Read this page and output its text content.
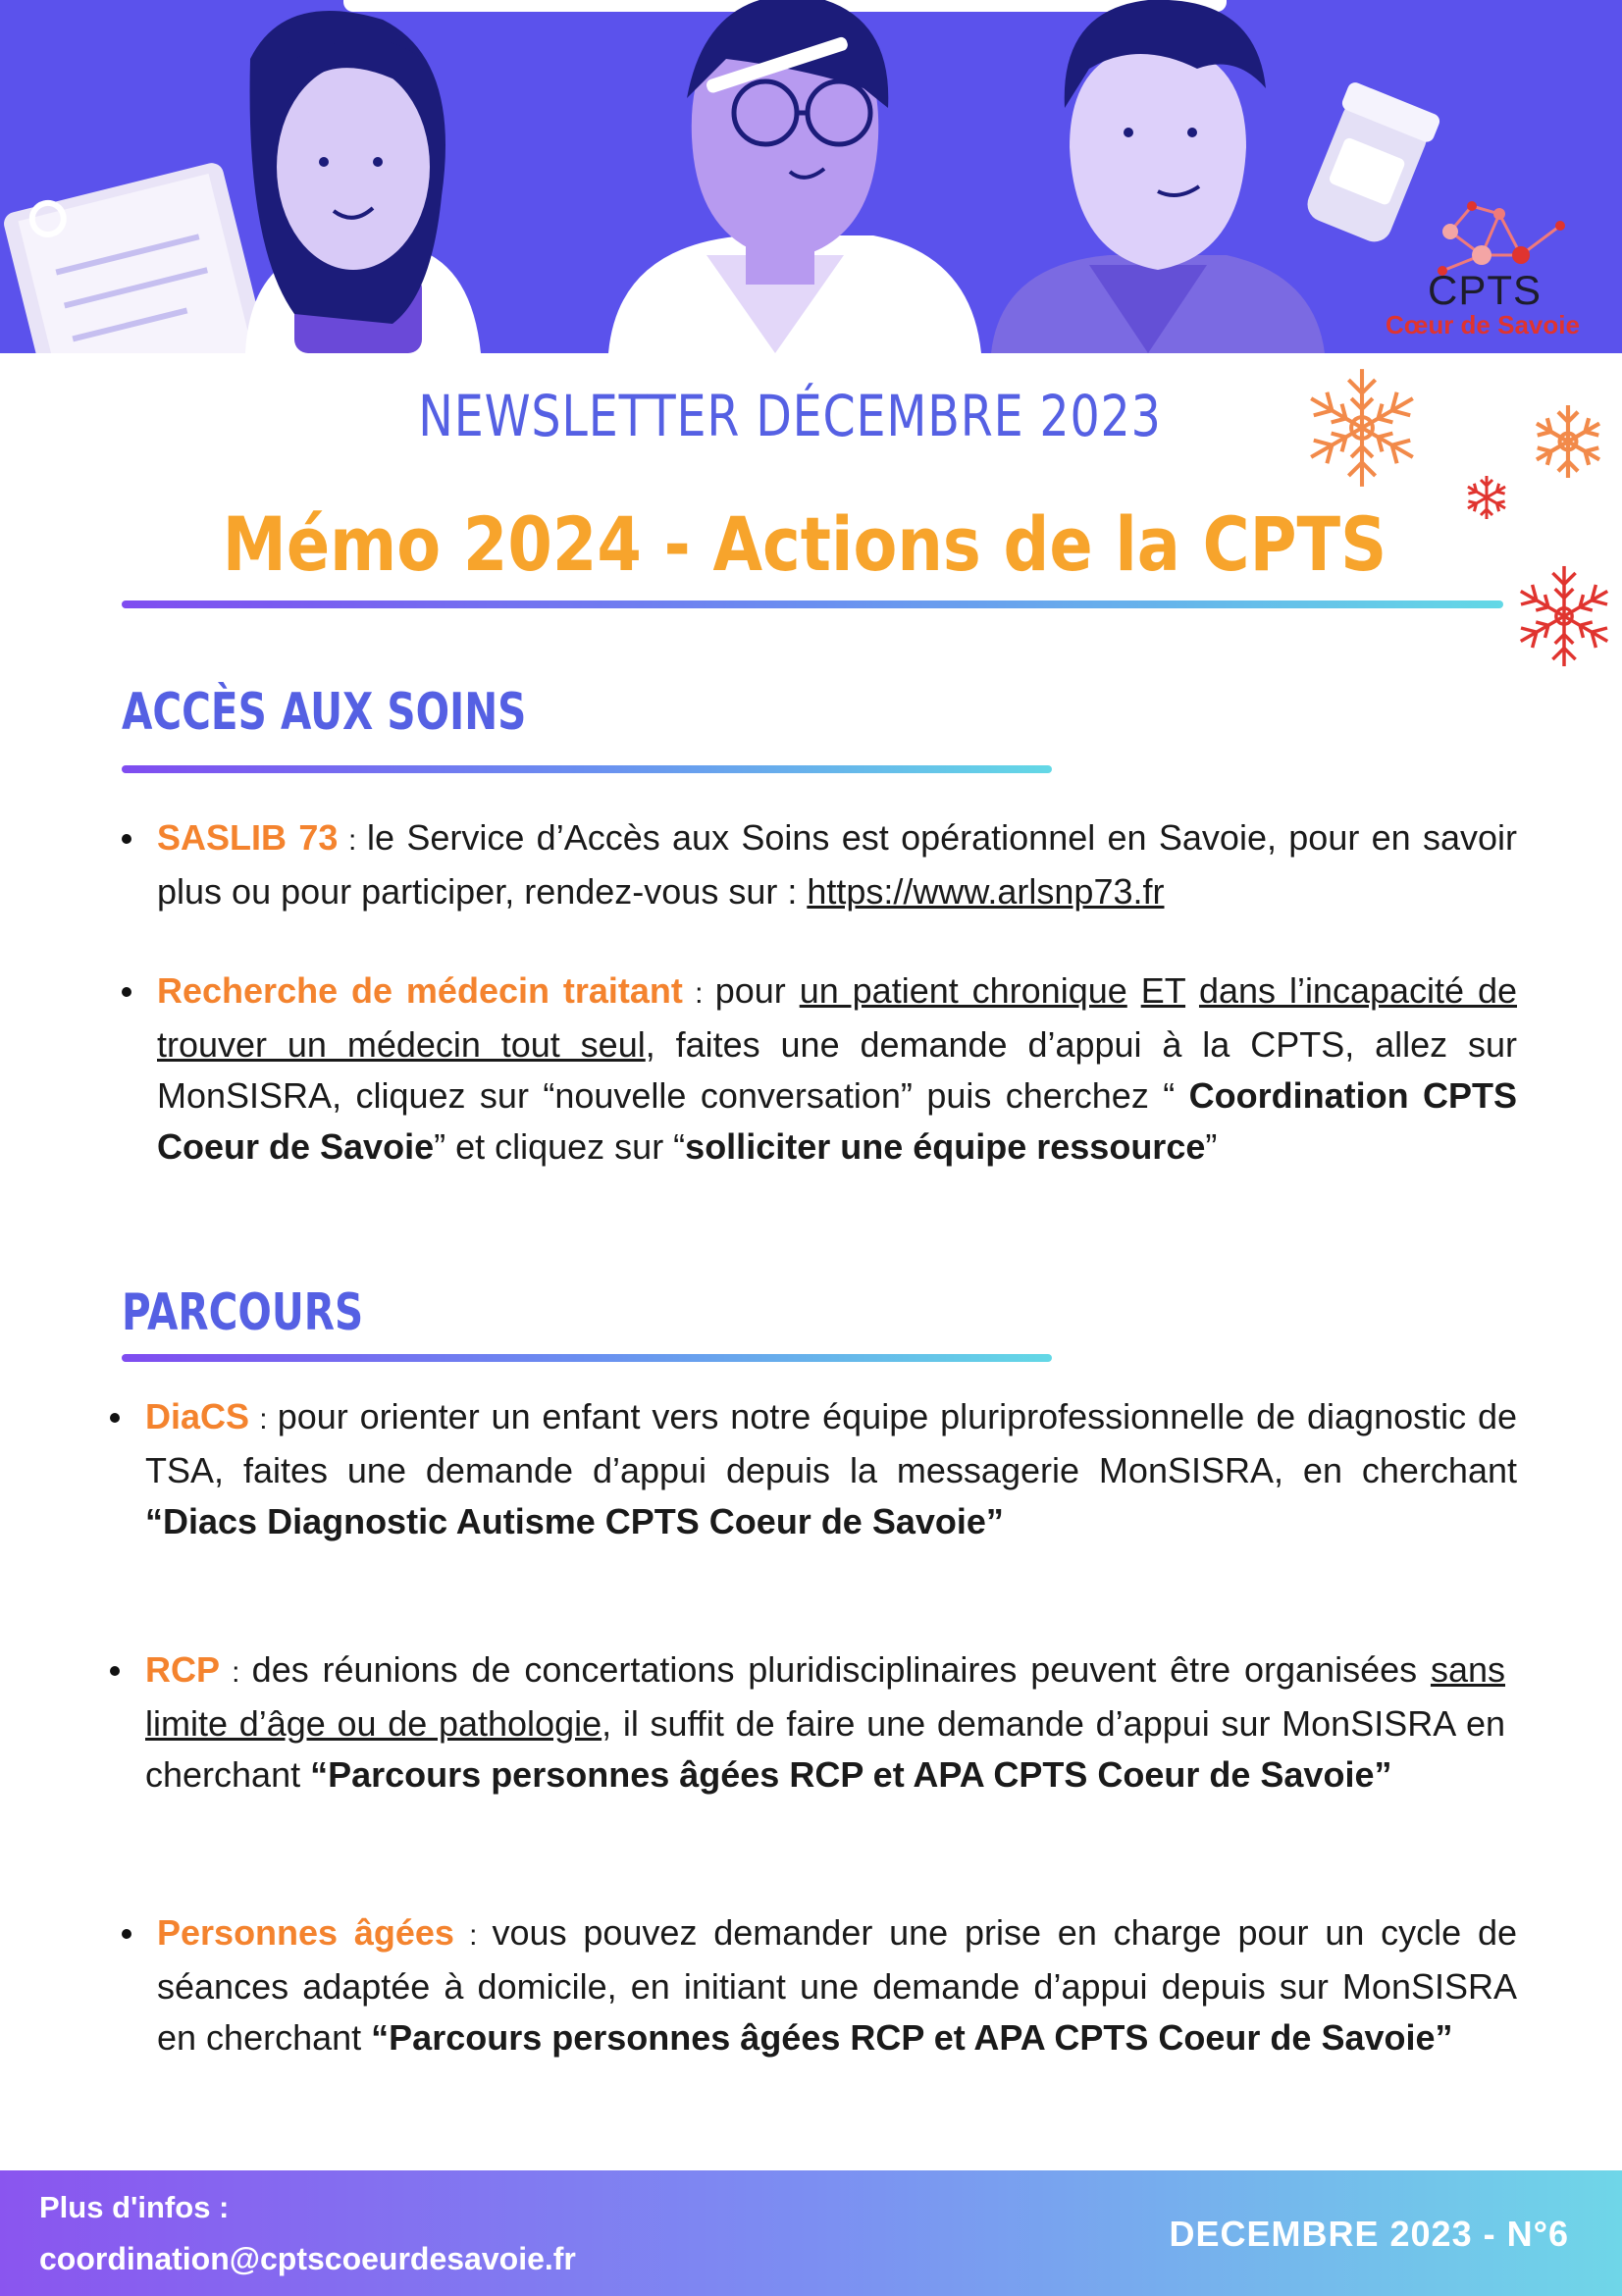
CPTS
Cœur de Savoie
NEWSLETTER DÉCEMBRE 2023
Mémo 2024 - Actions de la CPTS
ACCÈS AUX SOINS
SASLIB 73 : le Service d’Accès aux Soins est opérationnel en Savoie, pour en savoir plus ou pour participer, rendez-vous sur : https://www.arlsnp73.fr
Recherche de médecin traitant : pour un patient chronique ET dans l’incapacité de trouver un médecin tout seul, faites une demande d’appui à la CPTS, allez sur MonSISRA, cliquez sur “nouvelle conversation” puis cherchez “ Coordination CPTS Coeur de Savoie” et cliquez sur “solliciter une équipe ressource”
PARCOURS
DiaCS : pour orienter un enfant vers notre équipe pluriprofessionnelle de diagnostic de TSA, faites une demande d’appui depuis la messagerie MonSISRA, en cherchant “Diacs Diagnostic Autisme CPTS Coeur de Savoie”
RCP : des réunions de concertations pluridisciplinaires peuvent être organisées sans limite d’âge ou de pathologie, il suffit de faire une demande d’appui sur MonSISRA en cherchant “Parcours personnes âgées RCP et APA CPTS Coeur de Savoie”
Personnes âgées : vous pouvez demander une prise en charge pour un cycle de séances adaptée à domicile, en initiant une demande d’appui depuis sur MonSISRA en cherchant “Parcours personnes âgées RCP et APA CPTS Coeur de Savoie”
Plus d'infos :
coordination@cptscoeurdesavoie.fr
DECEMBRE 2023 - N°6
